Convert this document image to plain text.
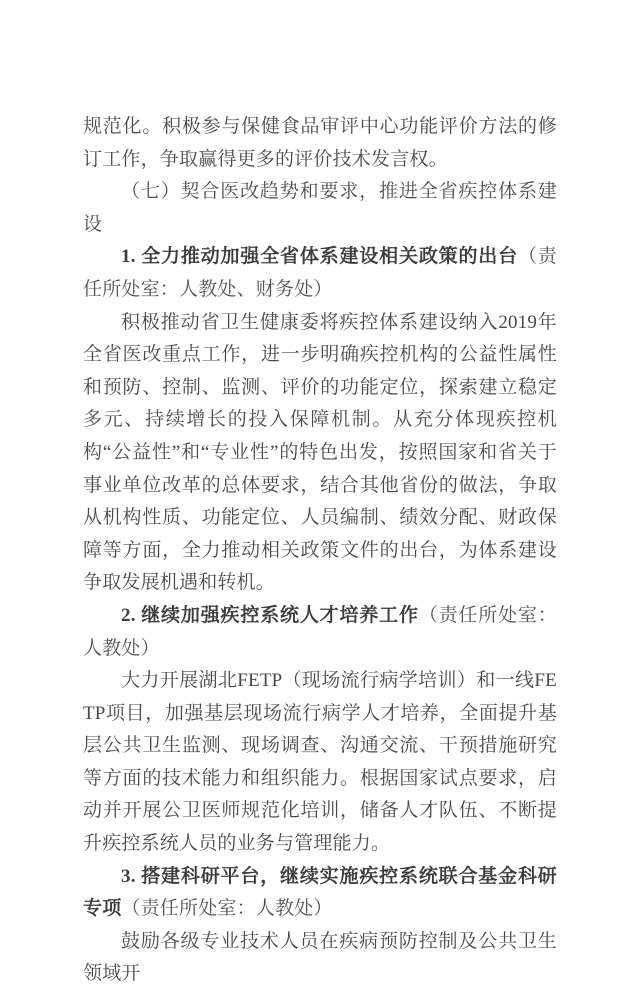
规范化。积极参与保健食品审评中心功能评价方法的修订工作，争取赢得更多的评价技术发言权。

（七）契合医改趋势和要求，推进全省疾控体系建设

1. 全力推动加强全省体系建设相关政策的出台（责任所处室：人教处、财务处）

积极推动省卫生健康委将疾控体系建设纳入2019年全省医改重点工作，进一步明确疾控机构的公益性属性和预防、控制、监测、评价的功能定位，探索建立稳定多元、持续增长的投入保障机制。从充分体现疾控机构“公益性”和“专业性”的特色出发，按照国家和省关于事业单位改革的总体要求，结合其他省份的做法，争取从机构性质、功能定位、人员编制、绩效分配、财政保障等方面，全力推动相关政策文件的出台，为体系建设争取发展机遇和转机。

2. 继续加强疾控系统人才培养工作（责任所处室：人教处）

大力开展湖北FETP（现场流行病学培训）和一线FETP项目，加强基层现场流行病学人才培养，全面提升基层公共卫生监测、现场调查、沟通交流、干预措施研究等方面的技术能力和组织能力。根据国家试点要求，启动并开展公卫医师规范化培训，储备人才队伍、不断提升疾控系统人员的业务与管理能力。

3. 搭建科研平台，继续实施疾控系统联合基金科研专项（责任所处室：人教处）

鼓励各级专业技术人员在疾病预防控制及公共卫生领域开
